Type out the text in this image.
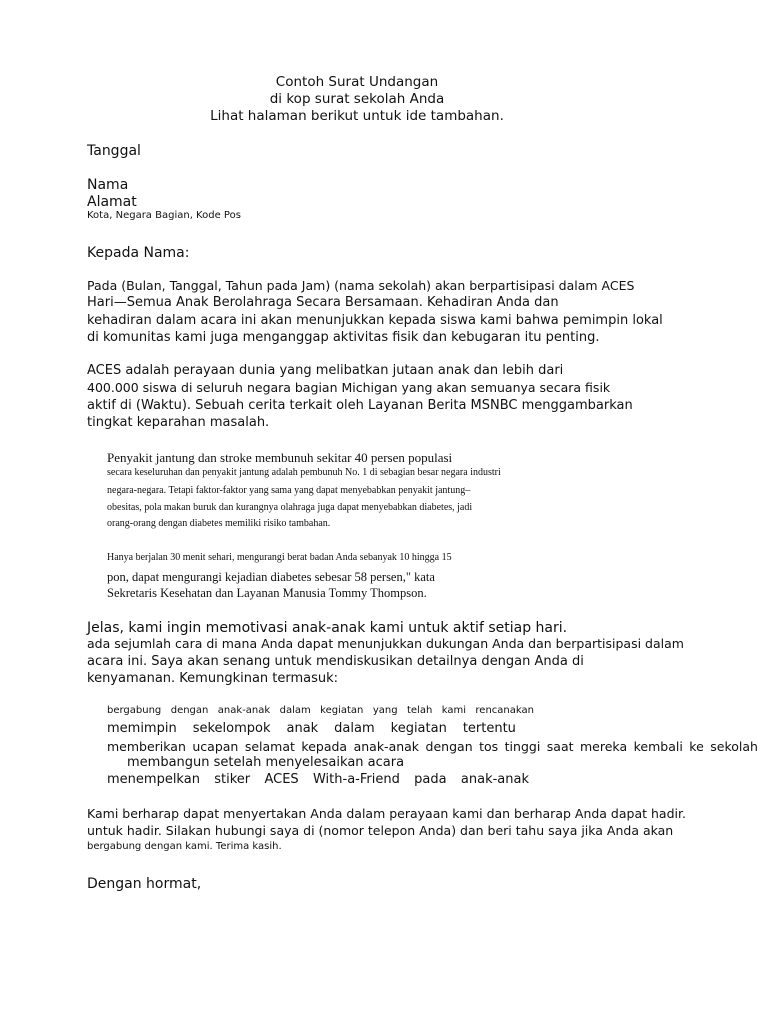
Contoh Surat Undangan
di kop surat sekolah Anda
Lihat halaman berikut untuk ide tambahan.
Tanggal
Nama
Alamat
Kota, Negara Bagian, Kode Pos
Kepada Nama:
Pada (Bulan, Tanggal, Tahun pada Jam) (nama sekolah) akan berpartisipasi dalam ACES
Hari—Semua Anak Berolahraga Secara Bersamaan. Kehadiran Anda dan
kehadiran dalam acara ini akan menunjukkan kepada siswa kami bahwa pemimpin lokal
di komunitas kami juga menganggap aktivitas fisik dan kebugaran itu penting.
ACES adalah perayaan dunia yang melibatkan jutaan anak dan lebih dari
400.000 siswa di seluruh negara bagian Michigan yang akan semuanya secara fisik
aktif di (Waktu). Sebuah cerita terkait oleh Layanan Berita MSNBC menggambarkan
tingkat keparahan masalah.
Penyakit jantung dan stroke membunuh sekitar 40 persen populasi
secara keseluruhan dan penyakit jantung adalah pembunuh No. 1 di sebagian besar negara industri
negara-negara. Tetapi faktor-faktor yang sama yang dapat menyebabkan penyakit jantung–
obesitas, pola makan buruk dan kurangnya olahraga juga dapat menyebabkan diabetes, jadi
orang-orang dengan diabetes memiliki risiko tambahan.
Hanya berjalan 30 menit sehari, mengurangi berat badan Anda sebanyak 10 hingga 15
pon, dapat mengurangi kejadian diabetes sebesar 58 persen," kata
Sekretaris Kesehatan dan Layanan Manusia Tommy Thompson.
Jelas, kami ingin memotivasi anak-anak kami untuk aktif setiap hari.
ada sejumlah cara di mana Anda dapat menunjukkan dukungan Anda dan berpartisipasi dalam
acara ini. Saya akan senang untuk mendiskusikan detailnya dengan Anda di
kenyamanan. Kemungkinan termasuk:
bergabung dengan anak-anak dalam kegiatan yang telah kami rencanakan
memimpin sekelompok anak dalam kegiatan tertentu
memberikan ucapan selamat kepada anak-anak dengan tos tinggi saat mereka kembali ke sekolah
membangun setelah menyelesaikan acara
menempelkan stiker ACES With-a-Friend pada anak-anak
Kami berharap dapat menyertakan Anda dalam perayaan kami dan berharap Anda dapat hadir.
untuk hadir. Silakan hubungi saya di (nomor telepon Anda) dan beri tahu saya jika Anda akan
bergabung dengan kami. Terima kasih.
Dengan hormat,
